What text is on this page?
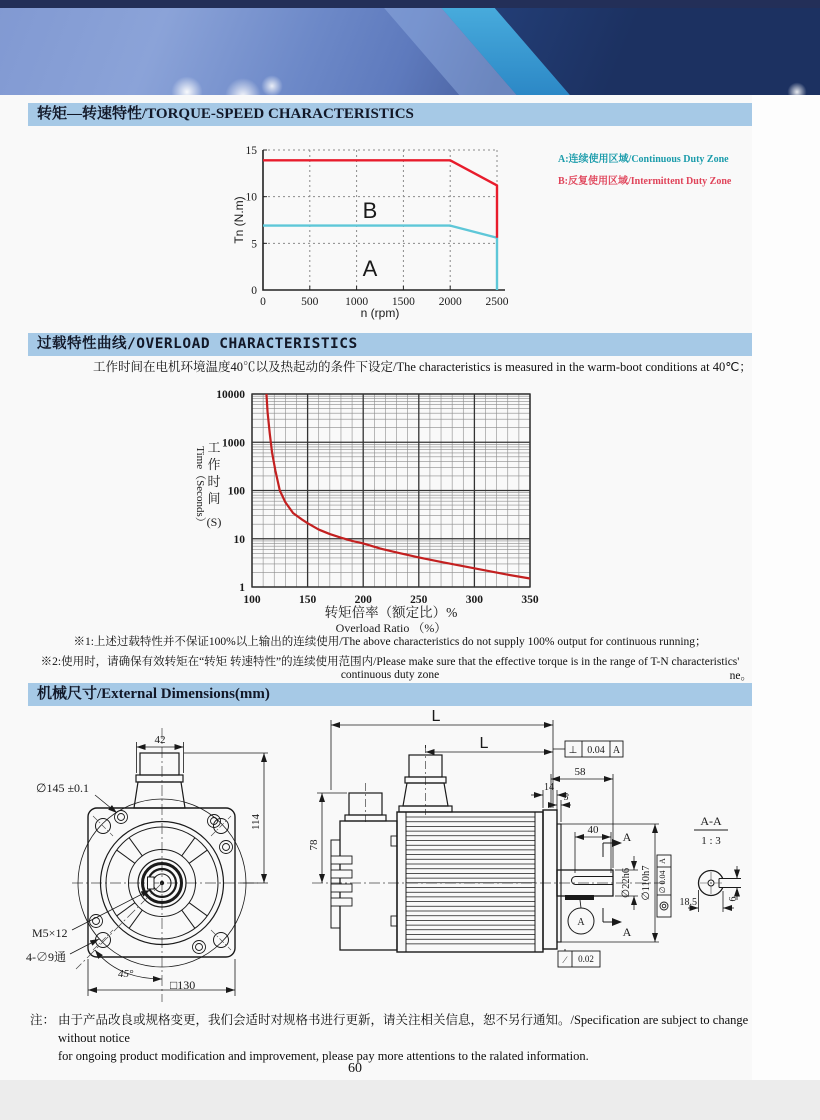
转矩—转速特性/TORQUE-SPEED CHARACTERISTICS
0	500 1000 1500 2000 2500
0
5
10
15
B
A
Tn (N.m)
n (rpm)
A:连续使用区域/Continuous Duty Zone
B:反复使用区域/Intermittent Duty Zone
过载特性曲线/OVERLOAD CHARACTERISTICS
工作时间在电机环境温度40℃以及热起动的条件下设定/The characteristics is measured in the warm-boot conditions at 40℃；
1
10
100
1000
10000
100	150	200	250	300	350
Time（Seconds） 工
作
时
间
(S)
转矩倍率（额定比）%
Overload Ratio （%）
※1:上述过载特性并不保证100%以上输出的连续使用/The above characteristics do not supply 100% output for continuous running；
※2:使用时，请确保有效转矩在“转矩 转速特性”的连续使用范围内/Please make sure that the effective torque is in the range of T-N characteristics' continuous duty zone	ne。
机械尺寸/External Dimensions(mm)
42
∅145 ±0.1
114
M5×12
4-∅9通
45°
□130
L
L	⊥ 0.04 A
58
14
5
40 A
A
∅22h6 ∅110h7 ∅ 0.04
A
A
∕ 0.02
A-A
1 : 3
18.5	6
78
注： 由于产品改良或规格变更，我们会适时对规格书进行更新，请关注相关信息，恕不另行通知。/Specification are subject to change without notice
for ongoing product modification and improvement, please pay more attentions to the ralated information.
60
